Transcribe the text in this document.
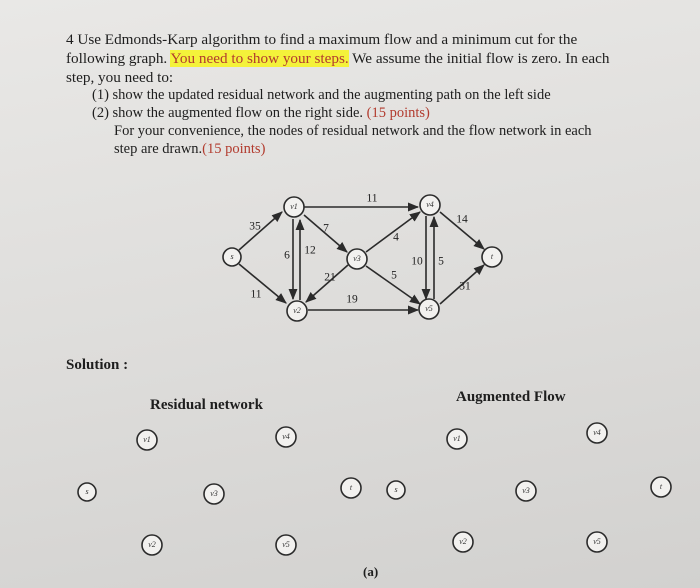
4 Use Edmonds-Karp algorithm to find a maximum flow and a minimum cut for the

following graph. You need to show your steps. We assume the initial flow is zero. In each

step, you need to:

(1) show the updated residual network and the augmenting path on the left side
(2) show the augmented flow on the right side. (15 points)
For your convenience, the nodes of residual network and the flow network in each
step are drawn.(15 points)
35
11
6 12
11
7
21
19
4
5
10 5
14
31
s
v1
v2
v3
v4
v5
t
v1
s	v3
v2
v4
v5
t	s
v1
v2
v3
v4
v5
t
Solution :
Residual network	Augmented Flow
(a)
